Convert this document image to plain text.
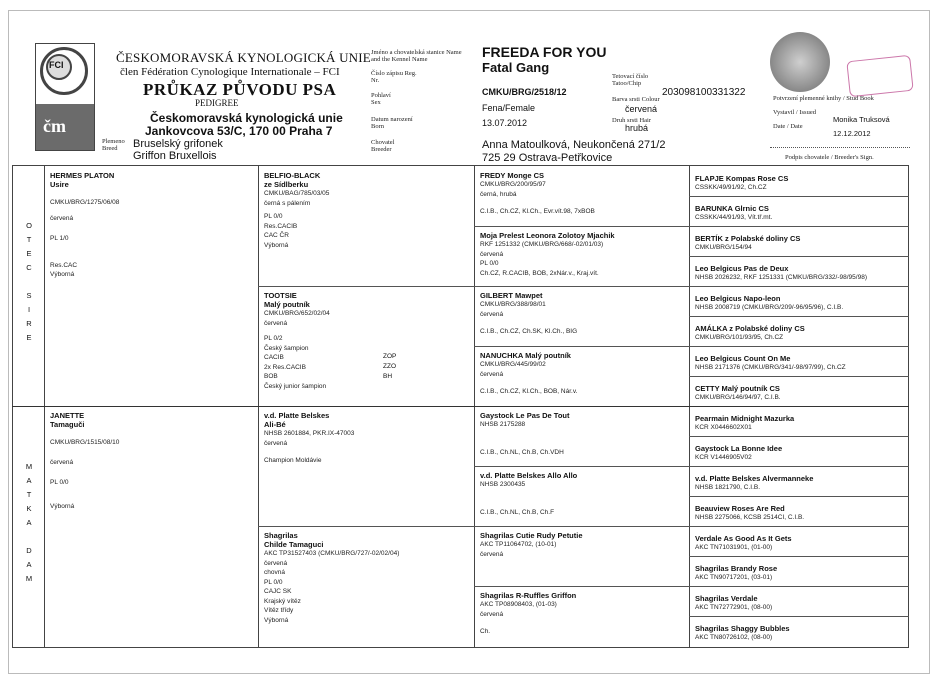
FCI
čm
ČESKOMORAVSKÁ KYNOLOGICKÁ UNIE
člen Fédération Cynologique Internationale – FCI
PRŮKAZ PŮVODU PSA
PEDIGREE
Českomoravská kynologická unie
Jankovcova 53/C, 170 00 Praha 7
Plemeno Breed	Bruselský grifonek
Griffon Bruxellois
Jméno a chovatelská stanice Name and the Kennel Name
Číslo zápisu Reg. Nr.
Pohlaví Sex
Datum narození Born
Chovatel Breeder
FREEDA FOR YOU
Fatal Gang
CMKU/BRG/2518/12
Fena/Female
13.07.2012
Anna Matoulková, Neukončená 271/2
725 29 Ostrava-Petřkovice
Tetovací číslo Tatoo/Chip
Barva srsti Colour
Druh srsti Hair
203098100331322
červená
hrubá
Potvrzení plemenné knihy / Stud Book
Vystavil / Issued
Date / Date
Monika Truksová
12.12.2012
Podpis chovatele / Breeder's Sign.
O
T
E
C
S
I
R
E
M
A
T
K
A
D
A
M
HERMES PLATON
Usire
CMKU/BRG/1275/06/08
červená
PL 1/0
Res.CAC
Výborná
JANETTE
Tamaguči
CMKU/BRG/1515/08/10
červená
PL 0/0
Výborná
BELFIO-BLACK
ze Sídlberku
CMKU/BAG/785/03/05
černá s pálením
PL 0/0
Res.CACIB
CAC ČR
Výborná
TOOTSIE
Malý poutník
CMKU/BRG/652/02/04
červená
PL 0/2
Český šampion
CACIB
2x Res.CACIB
BOB
Český junior šampion
ZOP
ZZO
BH
v.d. Platte Belskes
Ali-Bé
NHSB 2601884, PKR.IX-47003
červená
Champion Moldávie
Shagrilas
Childe Tamaguci
AKC TP31527403 (CMKU/BRG/727/-02/02/04)
červená
chovná
PL 0/0
CAJC SK
Krajský vítěz
Vítěz třídy
Výborná
FREDY Monge CS
CMKU/BRG/200/95/97
černá, hrubá
C.I.B., Ch.CZ, Kl.Ch., Evr.vít.98, 7xBOB
Moja Prelest Leonora Zolotoy Mjachik
RKF 1251332 (CMKU/BRG/668/-02/01/03)
červená
PL 0/0
Ch.CZ, R.CACIB, BOB, 2xNár.v., Kraj.vít.
GILBERT Mawpet
CMKU/BRG/388/98/01
červená
C.I.B., Ch.CZ, Ch.SK, Kl.Ch., BIG
NANUCHKA Malý poutník
CMKU/BRG/445/99/02
červená
C.I.B., Ch.CZ, Kl.Ch., BOB, Nár.v.
Gaystock Le Pas De Tout
NHSB 2175288
C.I.B., Ch.NL, Ch.B, Ch.VDH
v.d. Platte Belskes Allo Allo
NHSB 2300435
C.I.B., Ch.NL, Ch.B, Ch.F
Shagrilas Cutie Rudy Petutie
AKC TP11064702, (10-01)
červená
Shagrilas R-Ruffles Griffon
AKC TP08908403, (01-03)
červená
Ch.
FLAPJE Kompas Rose CS
CSSKK/49/91/92, Ch.CZ
BARUNKA Glrnic CS
CSSKK/44/91/93, Vít.tř.mt.
BERTÍK z Polabské doliny CS
CMKU/BRG/154/94
Leo Belgicus Pas de Deux
NHSB 2026232, RKF 1251331 (CMKU/BRG/332/-98/95/98)
Leo Belgicus Napo-leon
NHSB 2008719 (CMKU/BRG/209/-96/95/96), C.I.B.
AMÁLKA z Polabské doliny CS
CMKU/BRG/101/93/95, Ch.CZ
Leo Belgicus Count On Me
NHSB 2171376 (CMKU/BRG/341/-98/97/99), Ch.CZ
CETTY Malý poutník CS
CMKU/BRG/146/94/97, C.I.B.
Pearmain Midnight Mazurka
KCR X0446602X01
Gaystock La Bonne Idee
KCR V1446905V02
v.d. Platte Belskes Alvermanneke
NHSB 1821790, C.I.B.
Beauview Roses Are Red
NHSB 2275066, KCSB 2514CI, C.I.B.
Verdale As Good As It Gets
AKC TN71031901, (01-00)
Shagrilas Brandy Rose
AKC TN90717201, (03-01)
Shagrilas Verdale
AKC TN72772901, (08-00)
Shagrilas Shaggy Bubbles
AKC TN80726102, (08-00)
